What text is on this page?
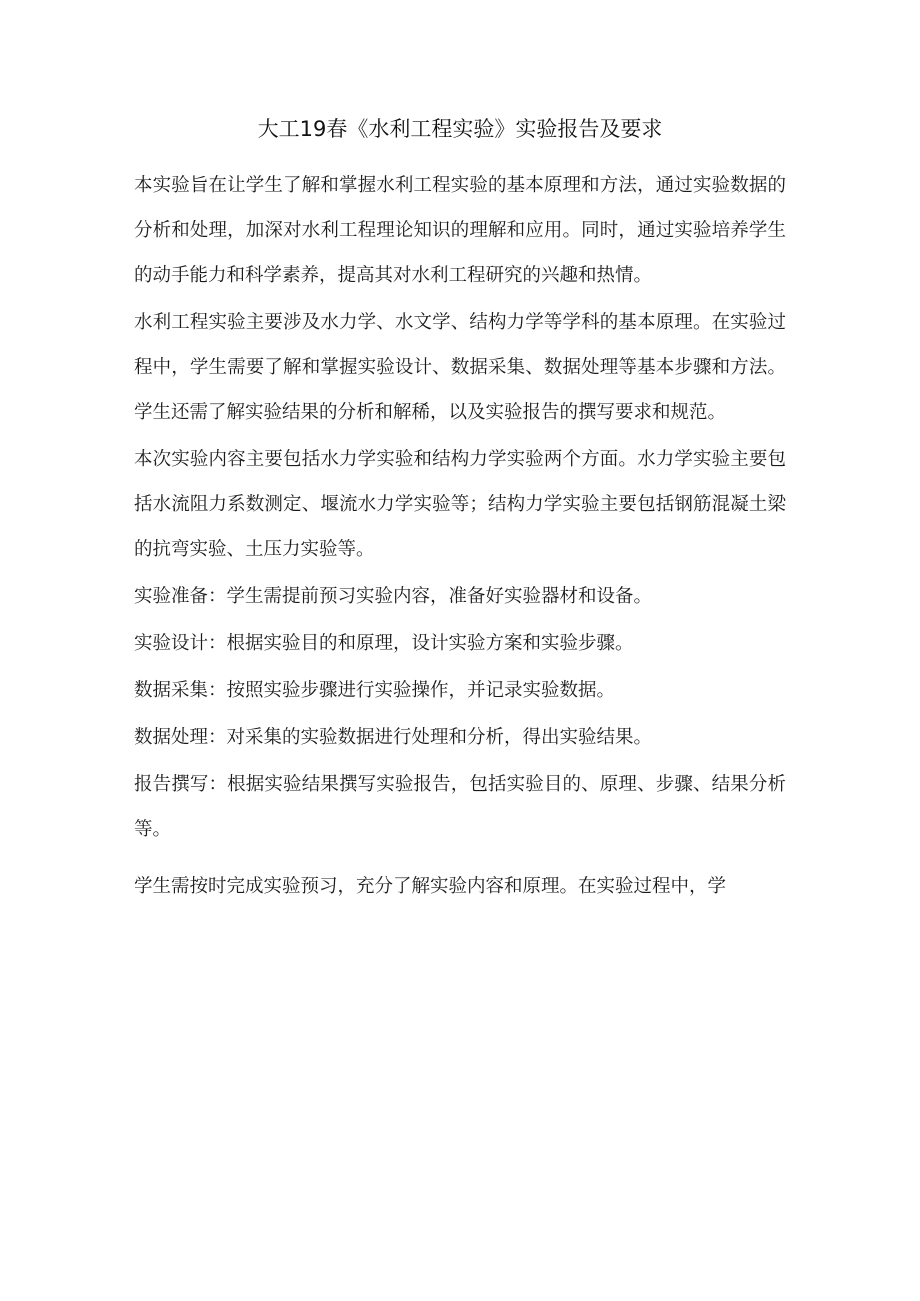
大工19春《水利工程实验》实验报告及要求

本实验旨在让学生了解和掌握水利工程实验的基本原理和方法，通过实验数据的分析和处理，加深对水利工程理论知识的理解和应用。同时，通过实验培养学生的动手能力和科学素养，提高其对水利工程研究的兴趣和热情。

水利工程实验主要涉及水力学、水文学、结构力学等学科的基本原理。在实验过程中，学生需要了解和掌握实验设计、数据采集、数据处理等基本步骤和方法。学生还需了解实验结果的分析和解稀，以及实验报告的撰写要求和规范。

本次实验内容主要包括水力学实验和结构力学实验两个方面。水力学实验主要包括水流阻力系数测定、堰流水力学实验等；结构力学实验主要包括钢筋混凝土梁的抗弯实验、土压力实验等。

实验准备：学生需提前预习实验内容，准备好实验器材和设备。

实验设计：根据实验目的和原理，设计实验方案和实验步骤。

数据采集：按照实验步骤进行实验操作，并记录实验数据。

数据处理：对采集的实验数据进行处理和分析，得出实验结果。

报告撰写：根据实验结果撰写实验报告，包括实验目的、原理、步骤、结果分析等。

学生需按时完成实验预习，充分了解实验内容和原理。在实验过程中，学
